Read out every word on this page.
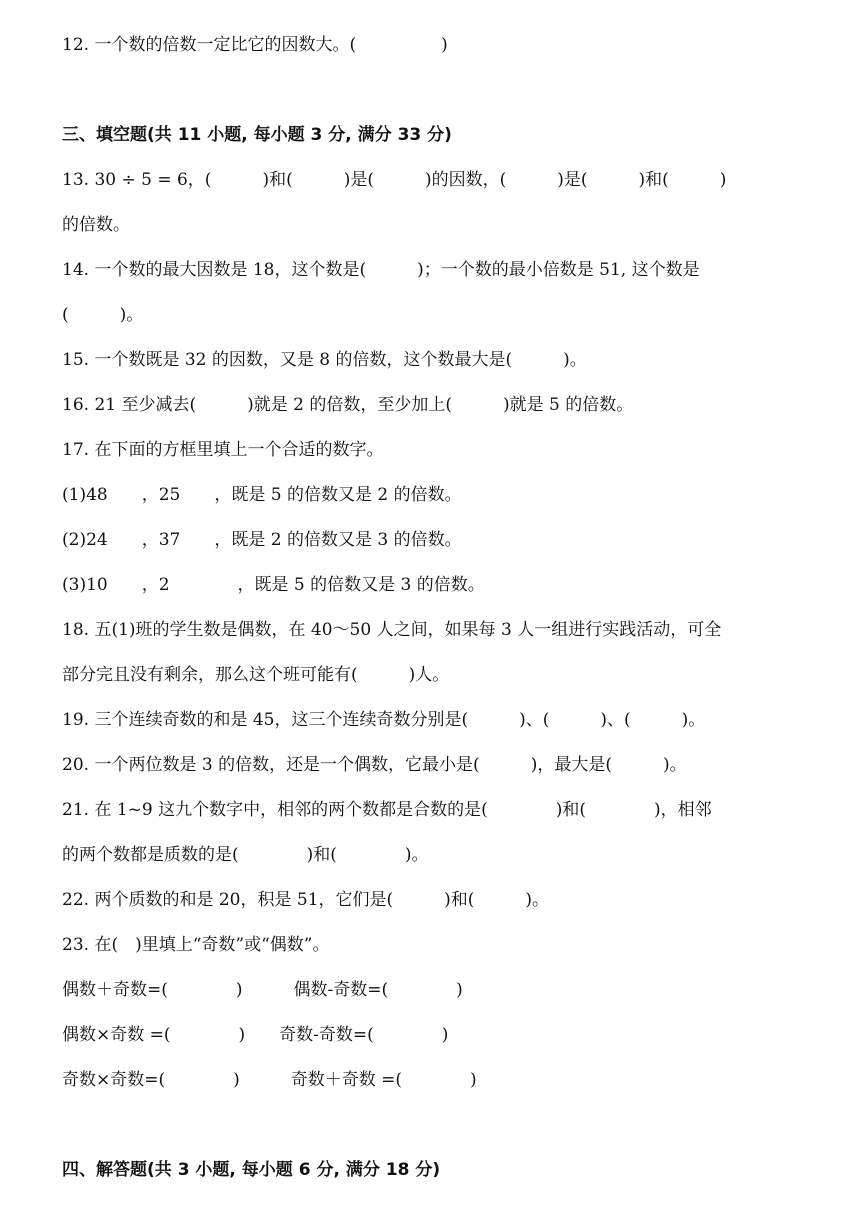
12. 一个数的倍数一定比它的因数大。(　　　　　)
三、填空题(共 11 小题, 每小题 3 分, 满分 33 分)
13. 30 ÷ 5 = 6，(　　　)和(　　　)是(　　　)的因数，(　　　)是(　　　)和(　　　)
的倍数。
14. 一个数的最大因数是 18，这个数是(　　　)；一个数的最小倍数是 51, 这个数是
(　　　)。
15. 一个数既是 32 的因数，又是 8 的倍数，这个数最大是(　　　)。
16. 21 至少减去(　　　)就是 2 的倍数，至少加上(　　　)就是 5 的倍数。
17. 在下面的方框里填上一个合适的数字。
(1)48　　，25　　，既是 5 的倍数又是 2 的倍数。
(2)24　　，37　　，既是 2 的倍数又是 3 的倍数。
(3)10　　，2　　　　，既是 5 的倍数又是 3 的倍数。
18. 五(1)班的学生数是偶数，在 40～50 人之间，如果每 3 人一组进行实践活动，可全
部分完且没有剩余，那么这个班可能有(　　　)人。
19. 三个连续奇数的和是 45，这三个连续奇数分别是(　　　)、(　　　)、(　　　)。
20. 一个两位数是 3 的倍数，还是一个偶数，它最小是(　　　)，最大是(　　　)。
21. 在 1~9 这九个数字中，相邻的两个数都是合数的是(　　　　)和(　　　　)，相邻
的两个数都是质数的是(　　　　)和(　　　　)。
22. 两个质数的和是 20，积是 51，它们是(　　　)和(　　　)。
23. 在(　)里填上“奇数”或“偶数”。
偶数＋奇数=(　　　　)　　　偶数-奇数=(　　　　)
偶数×奇数 =(　　　　)　　奇数-奇数=(　　　　)
奇数×奇数=(　　　　)　　　奇数＋奇数 =(　　　　)
四、解答题(共 3 小题, 每小题 6 分, 满分 18 分)
